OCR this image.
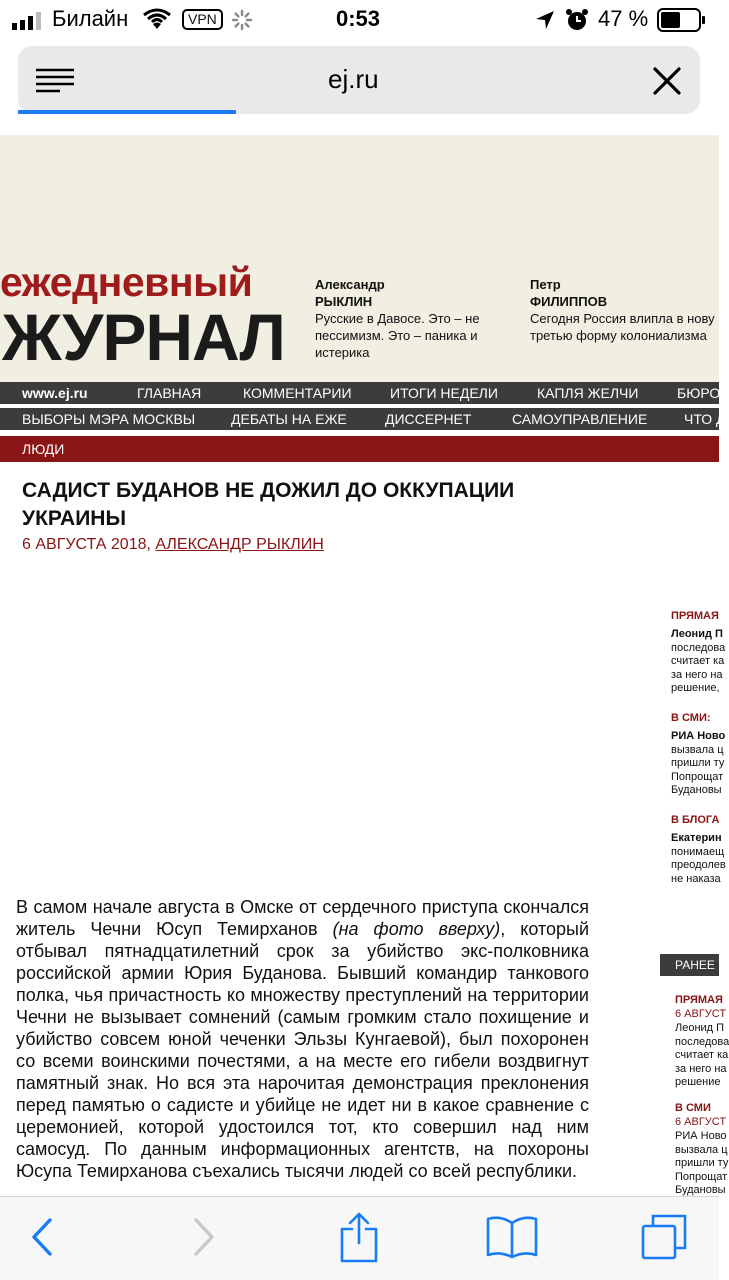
Билайн	VPN	0:53	47 %
ej.ru
ежедневный
ЖУРНАЛ
Александр
РЫКЛИН
Русские в Давосе. Это – не
пессимизм. Это – паника и
истерика
Петр
ФИЛИППОВ
Сегодня Россия влипла в нову
третью форму колониализма
www.ej.ru	ГЛАВНАЯ	КОММЕНТАРИИ	ИТОГИ НЕДЕЛИ	КАПЛЯ ЖЕЛЧИ	БЮРО
ВЫБОРЫ МЭРА МОСКВЫ	ДЕБАТЫ НА ЕЖЕ	ДИССЕРНЕТ	САМОУПРАВЛЕНИЕ	ЧТО Д
ЛЮДИ
САДИСТ БУДАНОВ НЕ ДОЖИЛ ДО ОККУПАЦИИ
УКРАИНЫ
6 АВГУСТА 2018, АЛЕКСАНДР РЫКЛИН
В самом начале августа в Омске от сердечного приступа скончался житель Чечни Юсуп Темирханов (на фото вверху), который отбывал пятнадцатилетний срок за убийство экс-полковника российской армии Юрия Буданова. Бывший командир танкового полка, чья причастность ко множеству преступлений на территории Чечни не вызывает сомнений (самым громким стало похищение и убийство совсем юной чеченки Эльзы Кунгаевой), был похоронен со всеми воинскими почестями, а на месте его гибели воздвигнут памятный знак. Но вся эта нарочитая демонстрация преклонения перед памятью о садисте и убийце не идет ни в какое сравнение с церемонией, которой удостоился тот, кто совершил над ним самосуд. По данным информационных агентств, на похороны Юсупа Темирханова съехались тысячи людей со всей республики.
ПРЯМАЯ
Леонид П
последова
считает ка
за него на
решение,
В СМИ:
РИА Ново
вызвала ц
пришли ту
Попрощат
Будановы
В БЛОГА
Екатерин
понимаещ
преодолев
не наказа
РАНЕЕ В
ПРЯМАЯ
6 АВГУСТ
Леонид П
последова
считает ка
за него на
решение
В СМИ
6 АВГУСТ
РИА Ново
вызвала ц
пришли ту
Попрощат
Будановы
